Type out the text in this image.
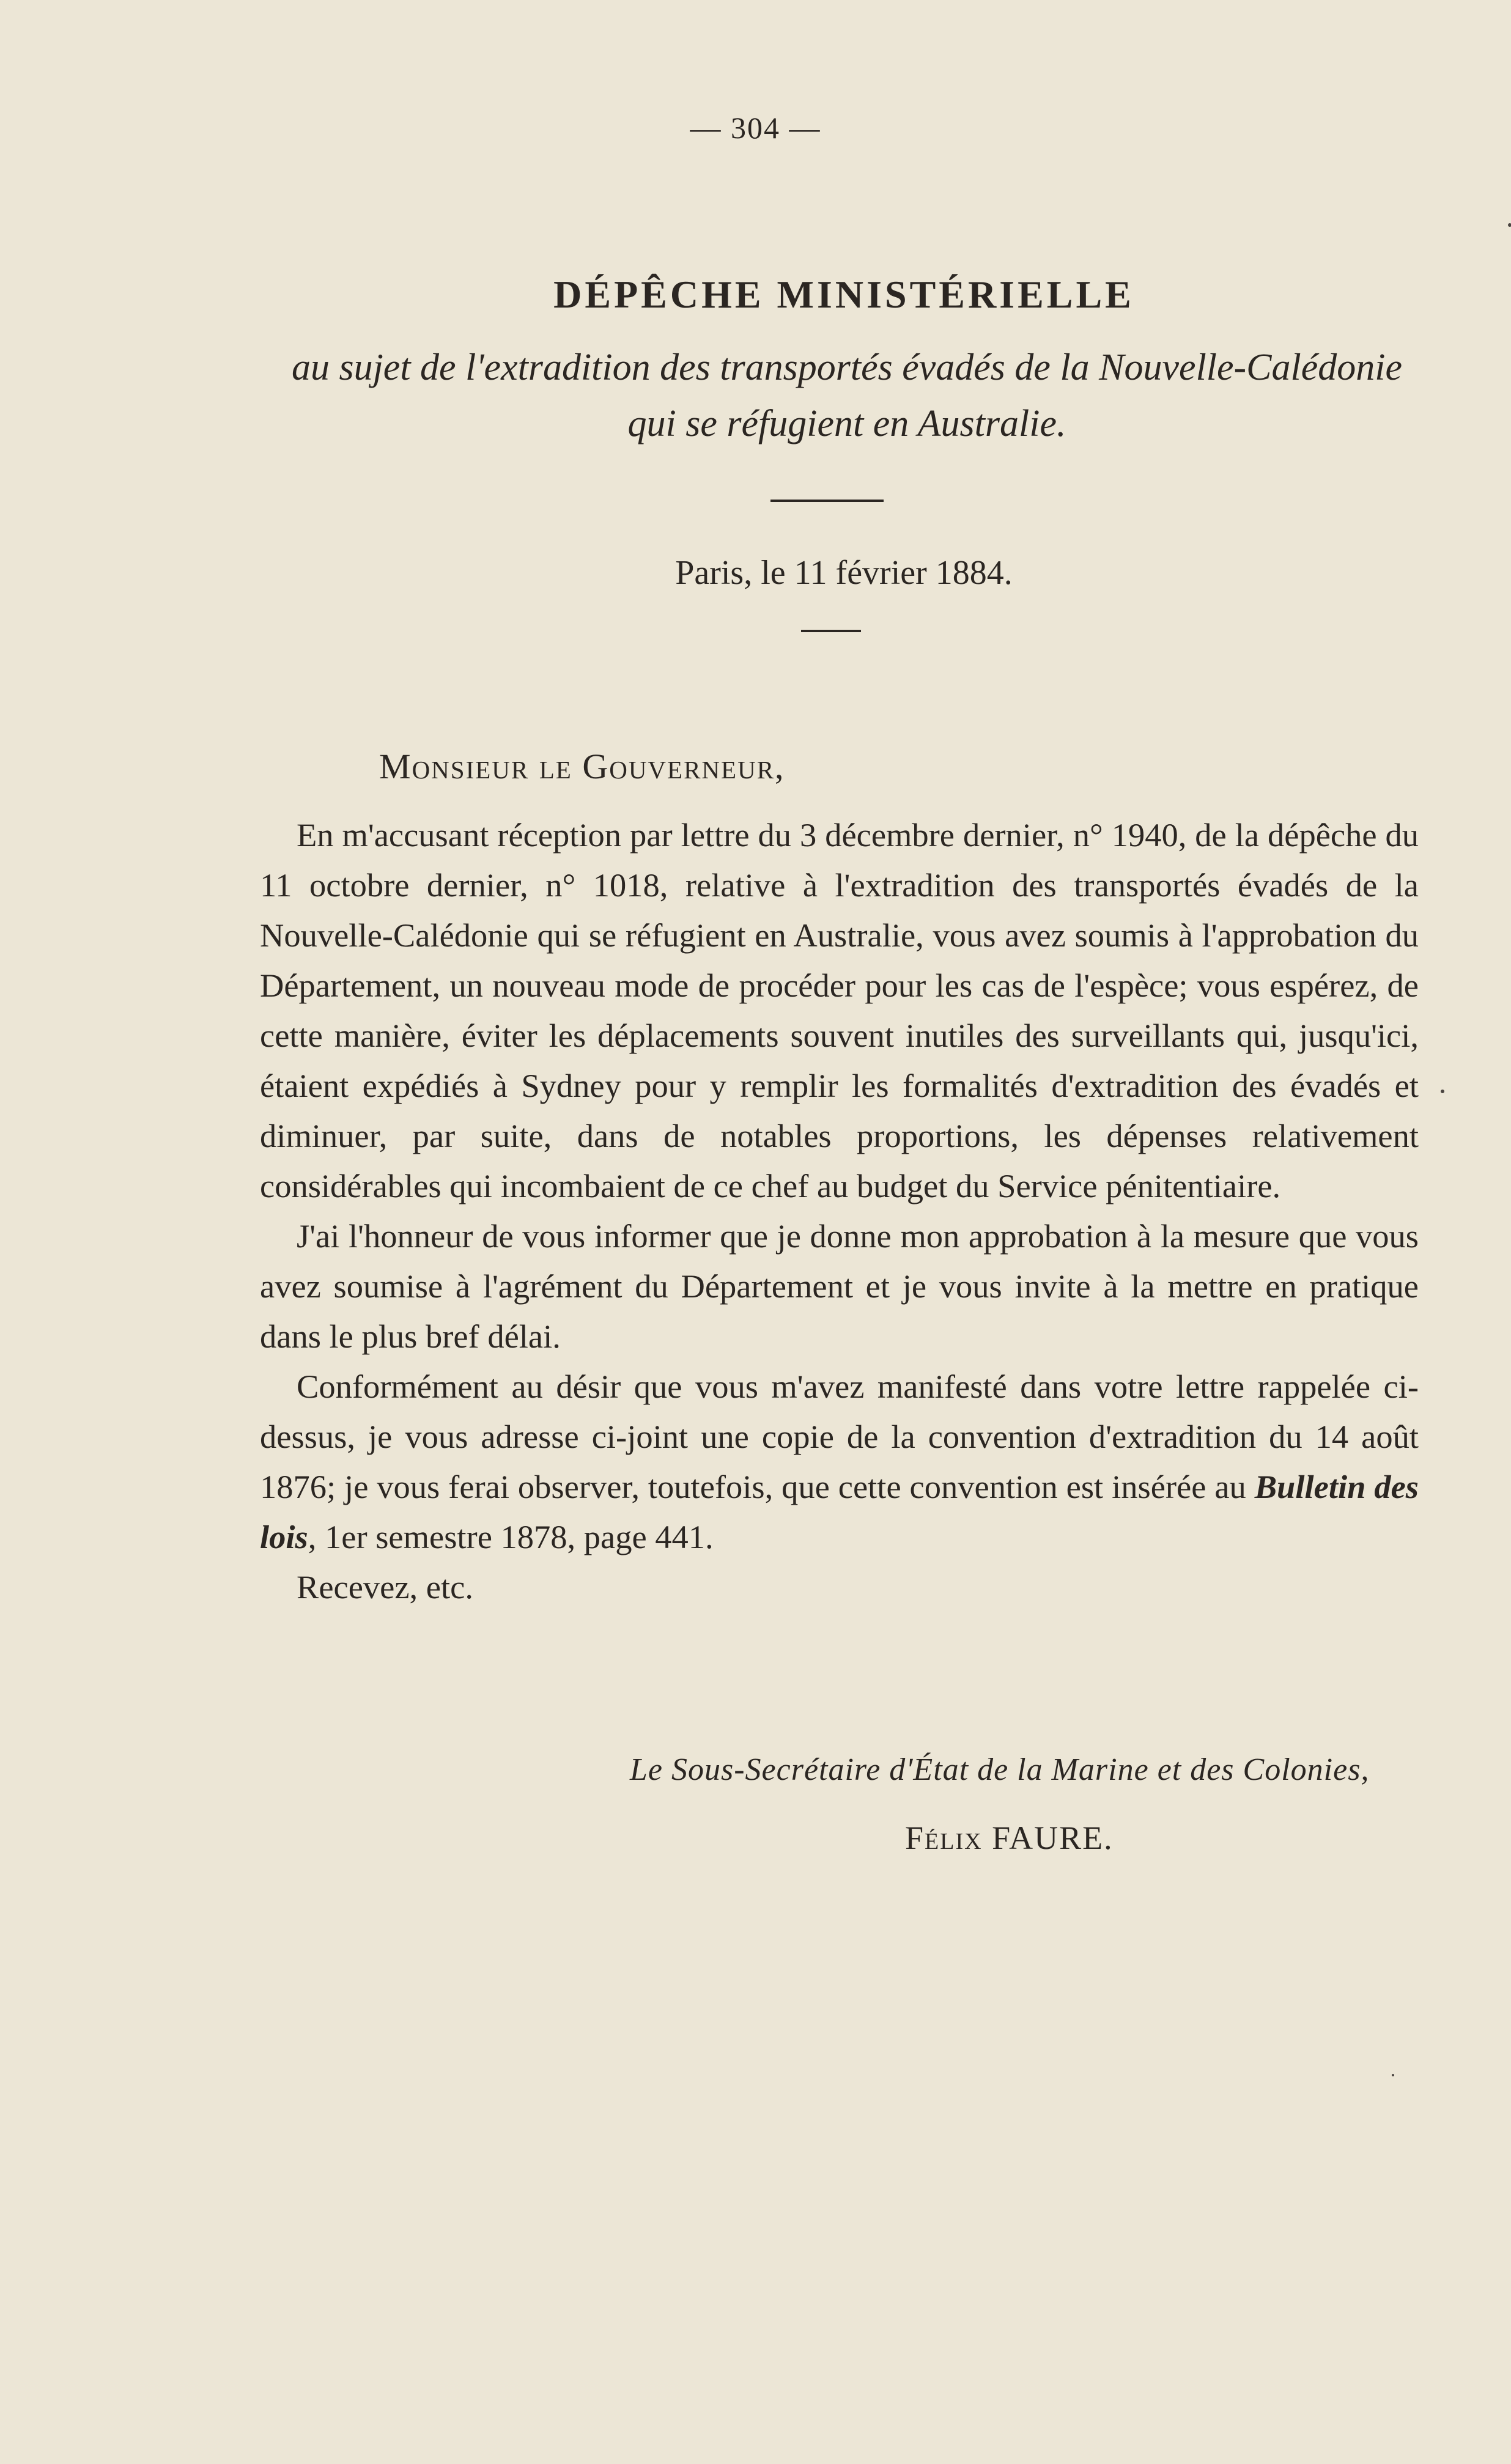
— 304 —
DÉPÊCHE MINISTÉRIELLE
au sujet de l'extradition des transportés évadés de la Nouvelle-Calédonie
qui se réfugient en Australie.
Paris, le 11 février 1884.
Monsieur le Gouverneur,

En m'accusant réception par lettre du 3 décembre dernier, n° 1940, de la dépêche du 11 octobre dernier, n° 1018, relative à l'extradition des transportés évadés de la Nouvelle-Calédonie qui se réfugient en Australie, vous avez soumis à l'approbation du Département, un nouveau mode de procéder pour les cas de l'espèce; vous espérez, de cette manière, éviter les déplacements souvent inutiles des surveillants qui, jusqu'ici, étaient expédiés à Sydney pour y remplir les formalités d'extradition des évadés et diminuer, par suite, dans de notables proportions, les dépenses relativement considérables qui incombaient de ce chef au budget du Service pénitentiaire.

J'ai l'honneur de vous informer que je donne mon approbation à la mesure que vous avez soumise à l'agrément du Département et je vous invite à la mettre en pratique dans le plus bref délai.

Conformément au désir que vous m'avez manifesté dans votre lettre rappelée ci-dessus, je vous adresse ci-joint une copie de la convention d'extradition du 14 août 1876; je vous ferai observer, toutefois, que cette convention est insérée au Bulletin des lois, 1er semestre 1878, page 441.

Recevez, etc.

Le Sous-Secrétaire d'État de la Marine et des Colonies,
Félix FAURE.
